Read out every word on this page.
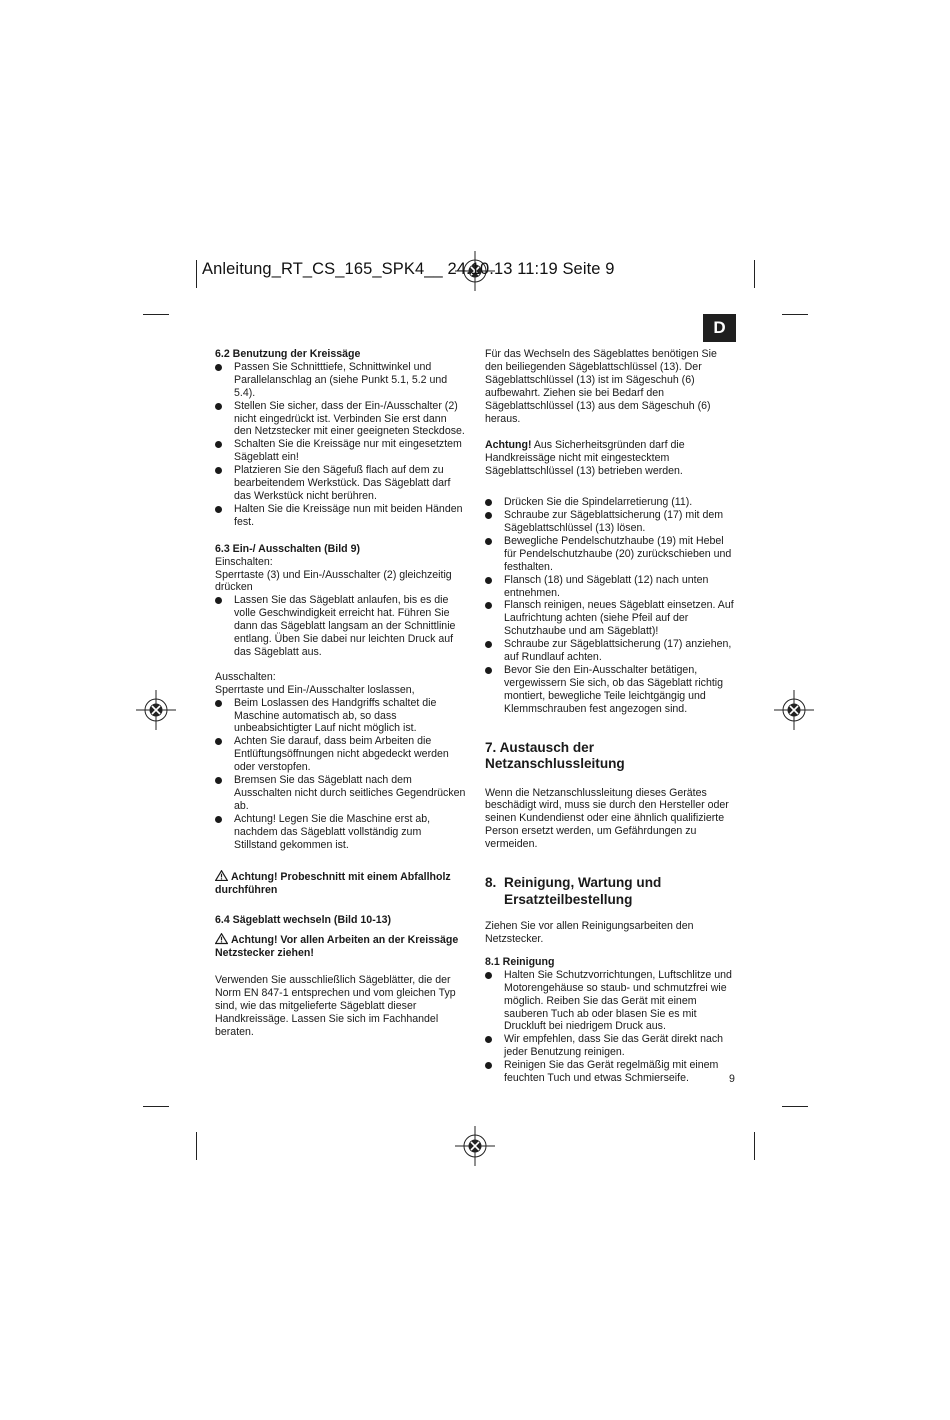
Anleitung_RT_CS_165_SPK4__ 24.10.13 11:19 Seite 9
D

6.2 Benutzung der Kreissäge

Passen Sie Schnitttiefe, Schnittwinkel und Parallelanschlag an (siehe Punkt 5.1, 5.2 und 5.4).
Stellen Sie sicher, dass der Ein-/Ausschalter (2) nicht eingedrückt ist. Verbinden Sie erst dann den Netzstecker mit einer geeigneten Steckdose.
Schalten Sie die Kreissäge nur mit eingesetztem Sägeblatt ein!
Platzieren Sie den Sägefuß flach auf dem zu bearbeitendem Werkstück. Das Sägeblatt darf das Werkstück nicht berühren.
Halten Sie die Kreissäge nun mit beiden Händen fest.

6.3 Ein-/ Ausschalten (Bild 9)

Einschalten:

Sperrtaste (3) und Ein-/Ausschalter (2) gleichzeitig drücken

Lassen Sie das Sägeblatt anlaufen, bis es die volle Geschwindigkeit erreicht hat. Führen Sie dann das Sägeblatt langsam an der Schnittlinie entlang. Üben Sie dabei nur leichten Druck auf das Sägeblatt aus.

Ausschalten:

Sperrtaste und Ein-/Ausschalter loslassen,

Beim Loslassen des Handgriffs schaltet die Maschine automatisch ab, so dass unbeabsichtigter Lauf nicht möglich ist.
Achten Sie darauf, dass beim Arbeiten die Entlüftungsöffnungen nicht abgedeckt werden oder verstopfen.
Bremsen Sie das Sägeblatt nach dem Ausschalten nicht durch seitliches Gegendrücken ab.
Achtung! Legen Sie die Maschine erst ab, nachdem das Sägeblatt vollständig zum Stillstand gekommen ist.

Achtung! Probeschnitt mit einem Abfallholz durchführen

6.4 Sägeblatt wechseln (Bild 10-13)

Achtung! Vor allen Arbeiten an der Kreissäge Netzstecker ziehen!

Verwenden Sie ausschließlich Sägeblätter, die der Norm EN 847-1 entsprechen und vom gleichen Typ sind, wie das mitgelieferte Sägeblatt dieser Handkreissäge. Lassen Sie sich im Fachhandel beraten.

Für das Wechseln des Sägeblattes benötigen Sie den beiliegenden Sägeblattschlüssel (13). Der Sägeblattschlüssel (13) ist im Sägeschuh (6) aufbewahrt. Ziehen sie bei Bedarf den Sägeblattschlüssel (13) aus dem Sägeschuh (6) heraus.

Achtung! Aus Sicherheitsgründen darf die Handkreissäge nicht mit eingestecktem Sägeblattschlüssel (13) betrieben werden.

Drücken Sie die Spindelarretierung (11).
Schraube zur Sägeblattsicherung (17) mit dem Sägeblattschlüssel (13) lösen.
Bewegliche Pendelschutzhaube (19) mit Hebel für Pendelschutzhaube (20) zurückschieben und festhalten.
Flansch (18) und Sägeblatt (12) nach unten entnehmen.
Flansch reinigen, neues Sägeblatt einsetzen. Auf Laufrichtung achten (siehe Pfeil auf der Schutzhaube und am Sägeblatt)!
Schraube zur Sägeblattsicherung (17) anziehen, auf Rundlauf achten.
Bevor Sie den Ein-Ausschalter betätigen, vergewissern Sie sich, ob das Sägeblatt richtig montiert, bewegliche Teile leichtgängig und Klemmschrauben fest angezogen sind.

7. Austausch der Netzanschlussleitung

Wenn die Netzanschlussleitung dieses Gerätes beschädigt wird, muss sie durch den Hersteller oder seinen Kundendienst oder eine ähnlich qualifizierte Person ersetzt werden, um Gefährdungen zu vermeiden.

8. Reinigung, Wartung und Ersatzteilbestellung

Ziehen Sie vor allen Reinigungsarbeiten den Netzstecker.

8.1 Reinigung

Halten Sie Schutzvorrichtungen, Luftschlitze und Motorengehäuse so staub- und schmutzfrei wie möglich. Reiben Sie das Gerät mit einem sauberen Tuch ab oder blasen Sie es mit Druckluft bei niedrigem Druck aus.
Wir empfehlen, dass Sie das Gerät direkt nach jeder Benutzung reinigen.
Reinigen Sie das Gerät regelmäßig mit einem feuchten Tuch und etwas Schmierseife.	9
